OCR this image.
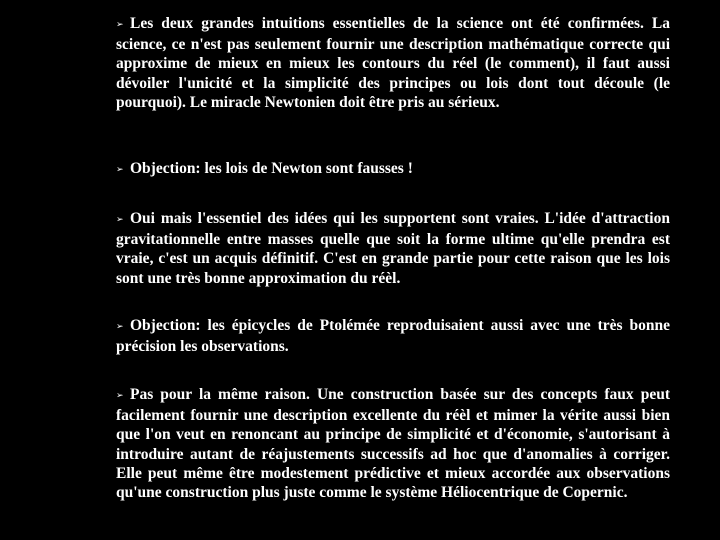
➢ Les deux grandes intuitions essentielles de la science ont été confirmées. La science, ce n'est pas seulement fournir une description mathématique correcte qui approxime de mieux en mieux les contours du réel (le comment), il faut aussi dévoiler l'unicité et la simplicité des principes ou lois dont tout découle (le pourquoi). Le miracle Newtonien doit être pris au sérieux.

➢ Objection: les lois de Newton sont fausses !

➢ Oui mais l'essentiel des idées qui les supportent sont vraies. L'idée d'attraction gravitationnelle entre masses quelle que soit la forme ultime qu'elle prendra est vraie, c'est un acquis définitif. C'est en grande partie pour cette raison que les lois sont une très bonne approximation du réèl.

➢ Objection: les épicycles de Ptolémée reproduisaient aussi avec une très bonne précision les observations.

➢ Pas pour la même raison. Une construction basée sur des concepts faux peut facilement fournir une description excellente du réèl et mimer la vérite aussi bien que l'on veut en renoncant au principe de simplicité et d'économie, s'autorisant à introduire autant de réajustements successifs ad hoc que d'anomalies à corriger. Elle peut même être modestement prédictive et mieux accordée aux observations qu'une construction plus juste comme le système Héliocentrique de Copernic.
